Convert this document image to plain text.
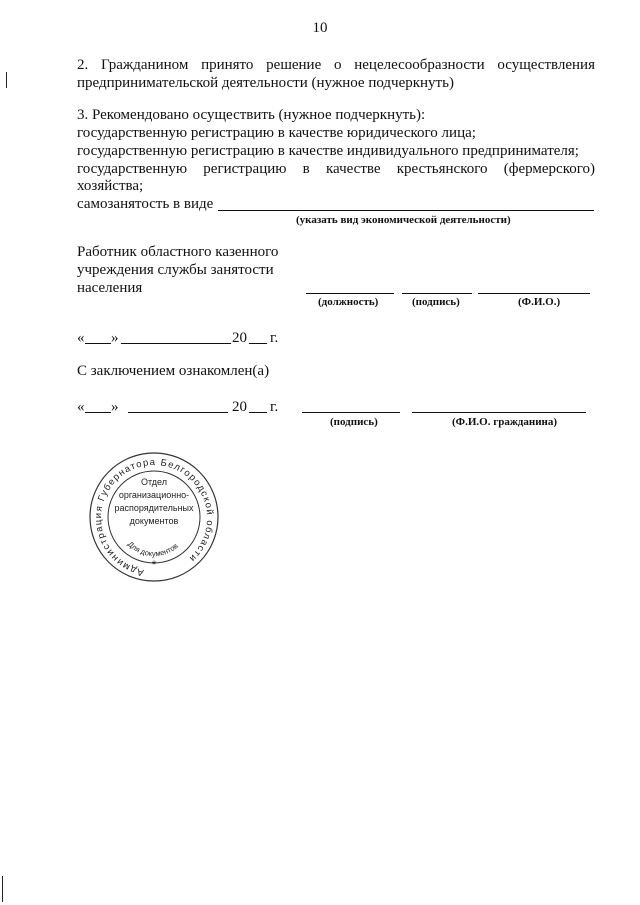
10
2. Гражданином принято решение о нецелесообразности осуществления
предпринимательской деятельности (нужное подчеркнуть)
3. Рекомендовано осуществить (нужное подчеркнуть):
государственную регистрацию в качестве юридического лица;
государственную регистрацию в качестве индивидуального предпринимателя;
государственную регистрацию в качестве крестьянского (фермерского)
хозяйства;
самозанятость в виде
(указать вид экономической деятельности)
Работник областного казенного
учреждения службы занятости
населения
(должность)	(подпись)	(Ф.И.О.)
« »	20 г.
С заключением ознакомлен(а)
« »	20 г.
(подпись)	(Ф.И.О. гражданина)
Администрация Губернатора Белгородской области
Отдел
организационно-
распорядительных
документов
Для документов
*
